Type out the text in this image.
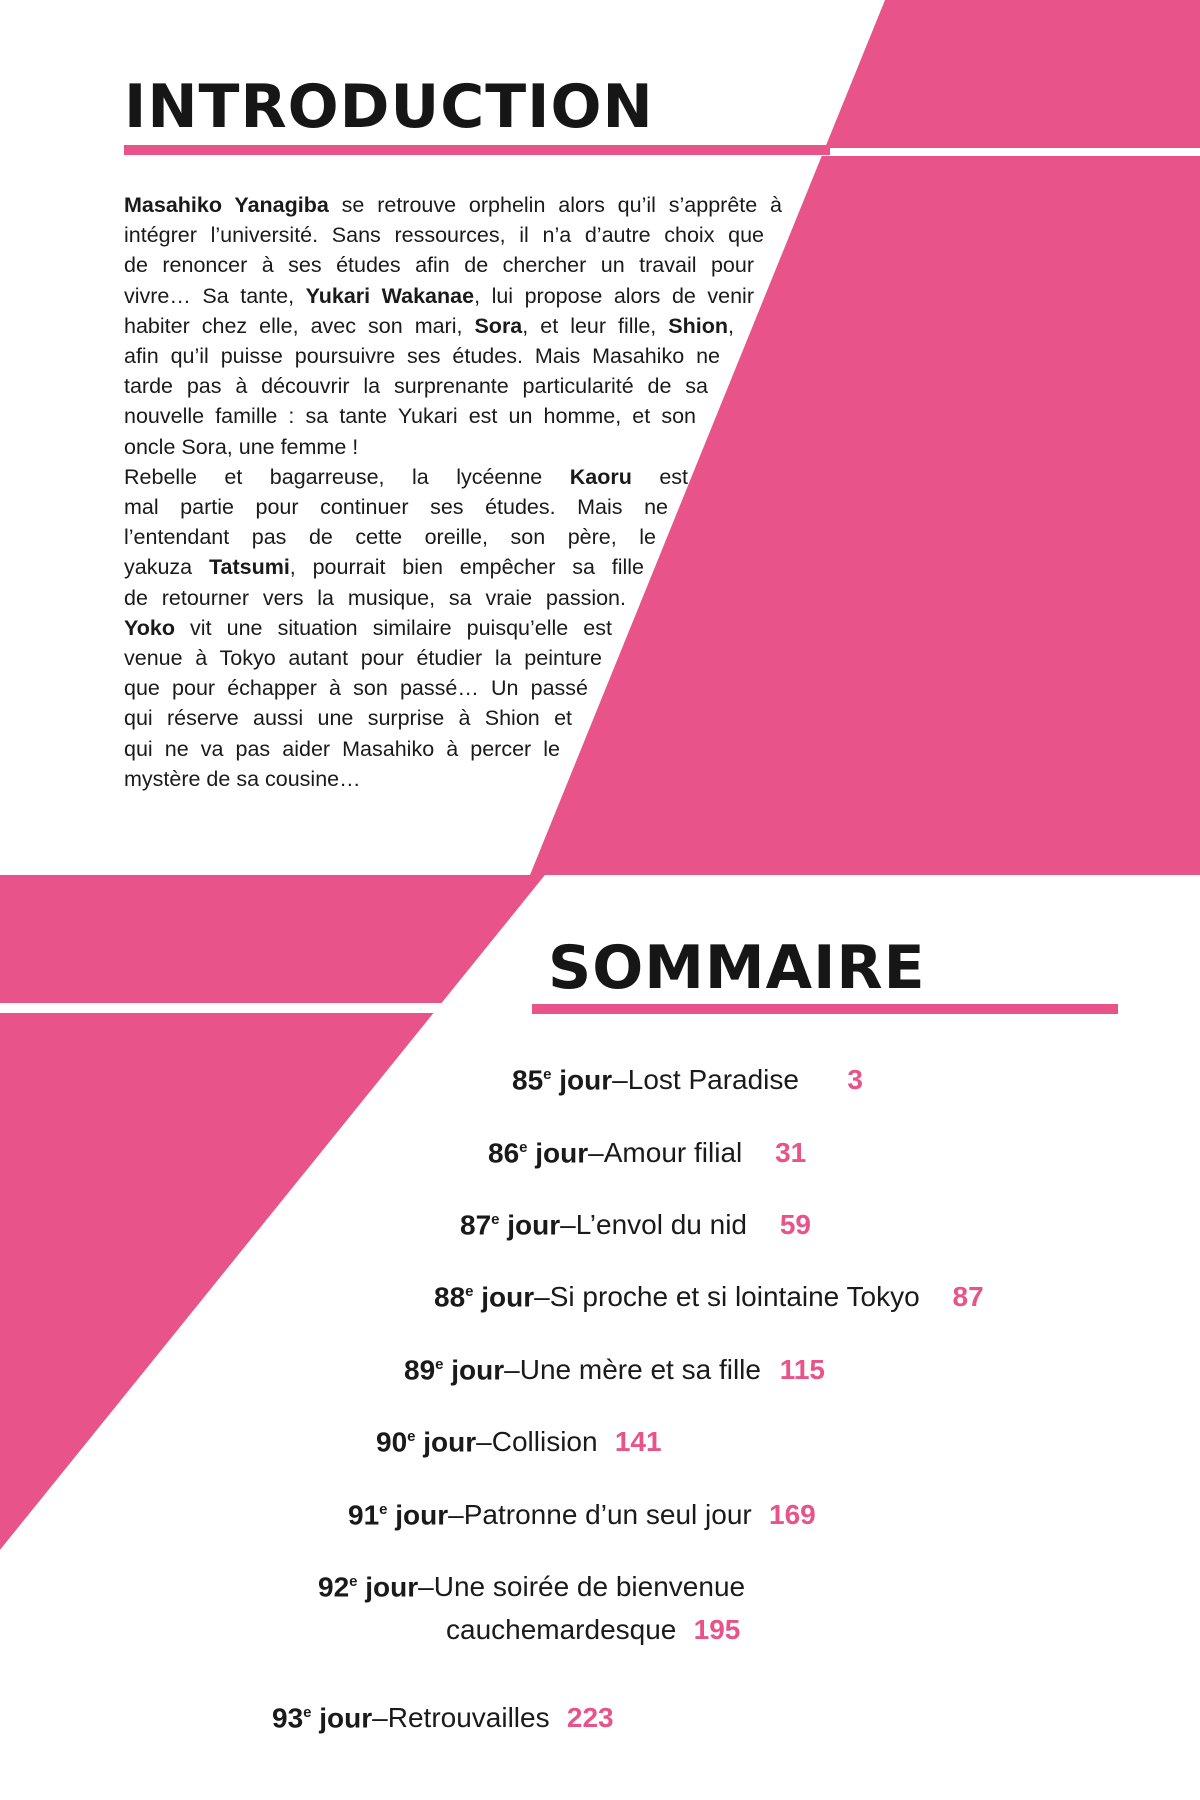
INTRODUCTION
Masahiko Yanagiba se retrouve orphelin alors qu’il s’apprête à
intégrer l’université. Sans ressources, il n’a d’autre choix que
de renoncer à ses études afin de chercher un travail pour
vivre… Sa tante, Yukari Wakanae, lui propose alors de venir
habiter chez elle, avec son mari, Sora, et leur fille, Shion,
afin qu’il puisse poursuivre ses études. Mais Masahiko ne
tarde pas à découvrir la surprenante particularité de sa
nouvelle famille : sa tante Yukari est un homme, et son
oncle Sora, une femme !
Rebelle et bagarreuse, la lycéenne Kaoru est
mal partie pour continuer ses études. Mais ne
l’entendant pas de cette oreille, son père, le
yakuza Tatsumi, pourrait bien empêcher sa fille
de retourner vers la musique, sa vraie passion.
Yoko vit une situation similaire puisqu’elle est
venue à Tokyo autant pour étudier la peinture
que pour échapper à son passé… Un passé
qui réserve aussi une surprise à Shion et
qui ne va pas aider Masahiko à percer le
mystère de sa cousine…
SOMMAIRE
85e jour – Lost Paradise	3
86e jour – Amour filial	31
87e jour – L’envol du nid	59
88e jour – Si proche et si lointaine Tokyo	87
89e jour – Une mère et sa fille 115
90e jour – Collision 141
91e jour – Patronne d’un seul jour 169
92e jour – Une soirée de bienvenue
cauchemardesque 195
93e jour – Retrouvailles 223
